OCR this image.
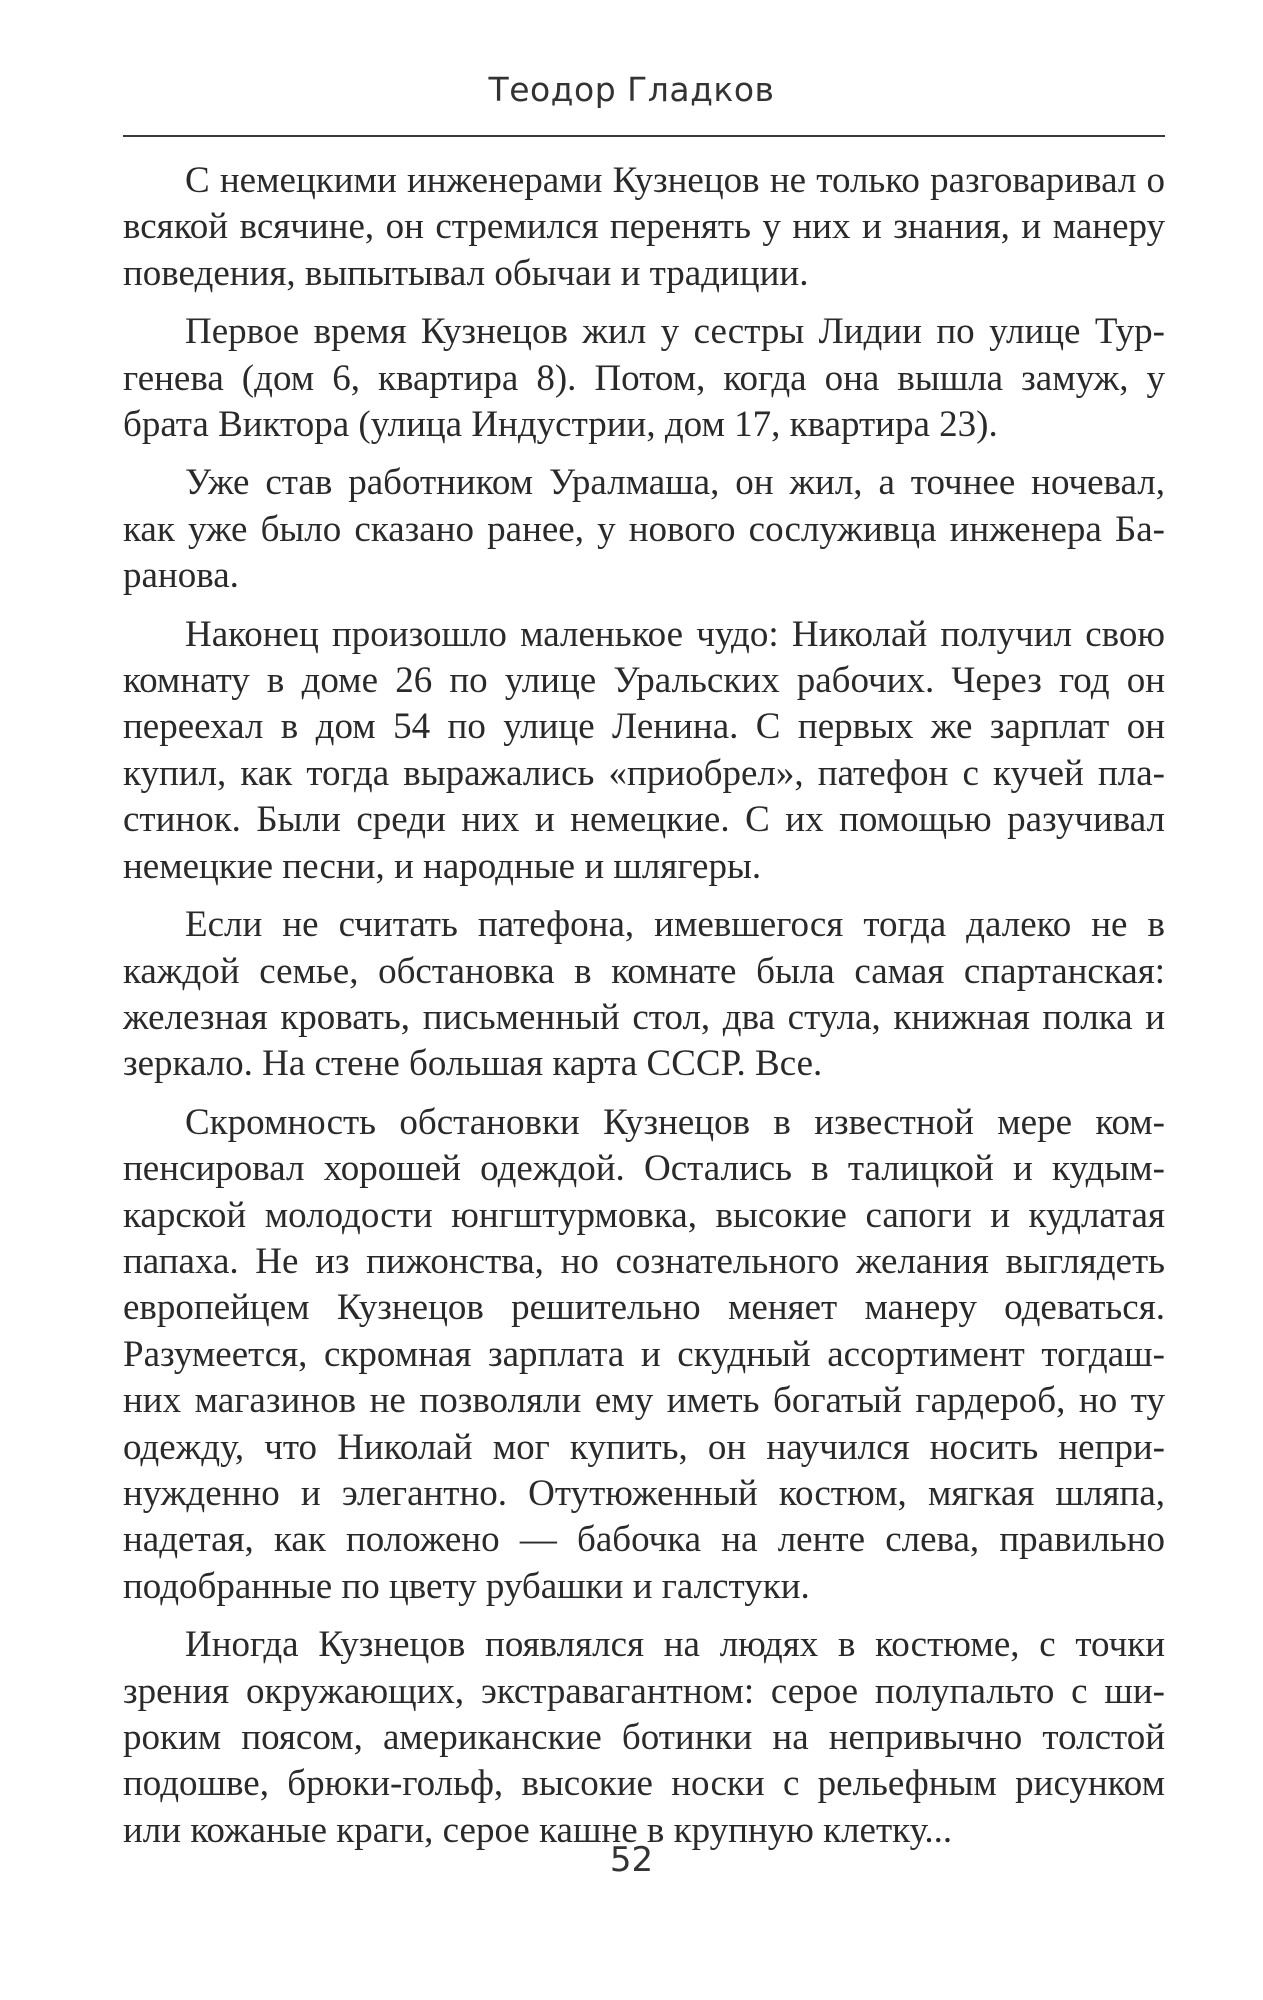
Теодор Гладков

С немецкими инженерами Кузнецов не только разговаривал о всякой всячине, он стремился перенять у них и знания, и манеру поведения, выпытывал обычаи и традиции.

Первое время Кузнецов жил у сестры Лидии по улице Тургенева (дом 6, квартира 8). Потом, когда она вышла замуж, у брата Виктора (улица Индустрии, дом 17, квартира 23).

Уже став работником Уралмаша, он жил, а точнее ночевал, как уже было сказано ранее, у нового сослуживца инженера Баранова.

Наконец произошло маленькое чудо: Николай получил свою комнату в доме 26 по улице Уральских рабочих. Через год он переехал в дом 54 по улице Ленина. С первых же зарплат он купил, как тогда выражались «приобрел», патефон с кучей пластинок. Были среди них и немецкие. С их помощью разучивал немецкие песни, и народные и шлягеры.

Если не считать патефона, имевшегося тогда далеко не в каждой семье, обстановка в комнате была самая спартанская: железная кровать, письменный стол, два стула, книжная полка и зеркало. На стене большая карта СССР. Все.

Скромность обстановки Кузнецов в известной мере компенсировал хорошей одеждой. Остались в талицкой и кудымкарской молодости юнгштурмовка, высокие сапоги и кудлатая папаха. Не из пижонства, но сознательного желания выглядеть европейцем Кузнецов решительно меняет манеру одеваться. Разумеется, скромная зарплата и скудный ассортимент тогдашних магазинов не позволяли ему иметь богатый гардероб, но ту одежду, что Николай мог купить, он научился носить непринужденно и элегантно. Отутюженный костюм, мягкая шляпа, надетая, как положено — бабочка на ленте слева, правильно подобранные по цвету рубашки и галстуки.

Иногда Кузнецов появлялся на людях в костюме, с точки зрения окружающих, экстравагантном: серое полупальто с широким поясом, американские ботинки на непривычно толстой подошве, брюки-гольф, высокие носки с рельефным рисунком или кожаные краги, серое кашне в крупную клетку...

52
